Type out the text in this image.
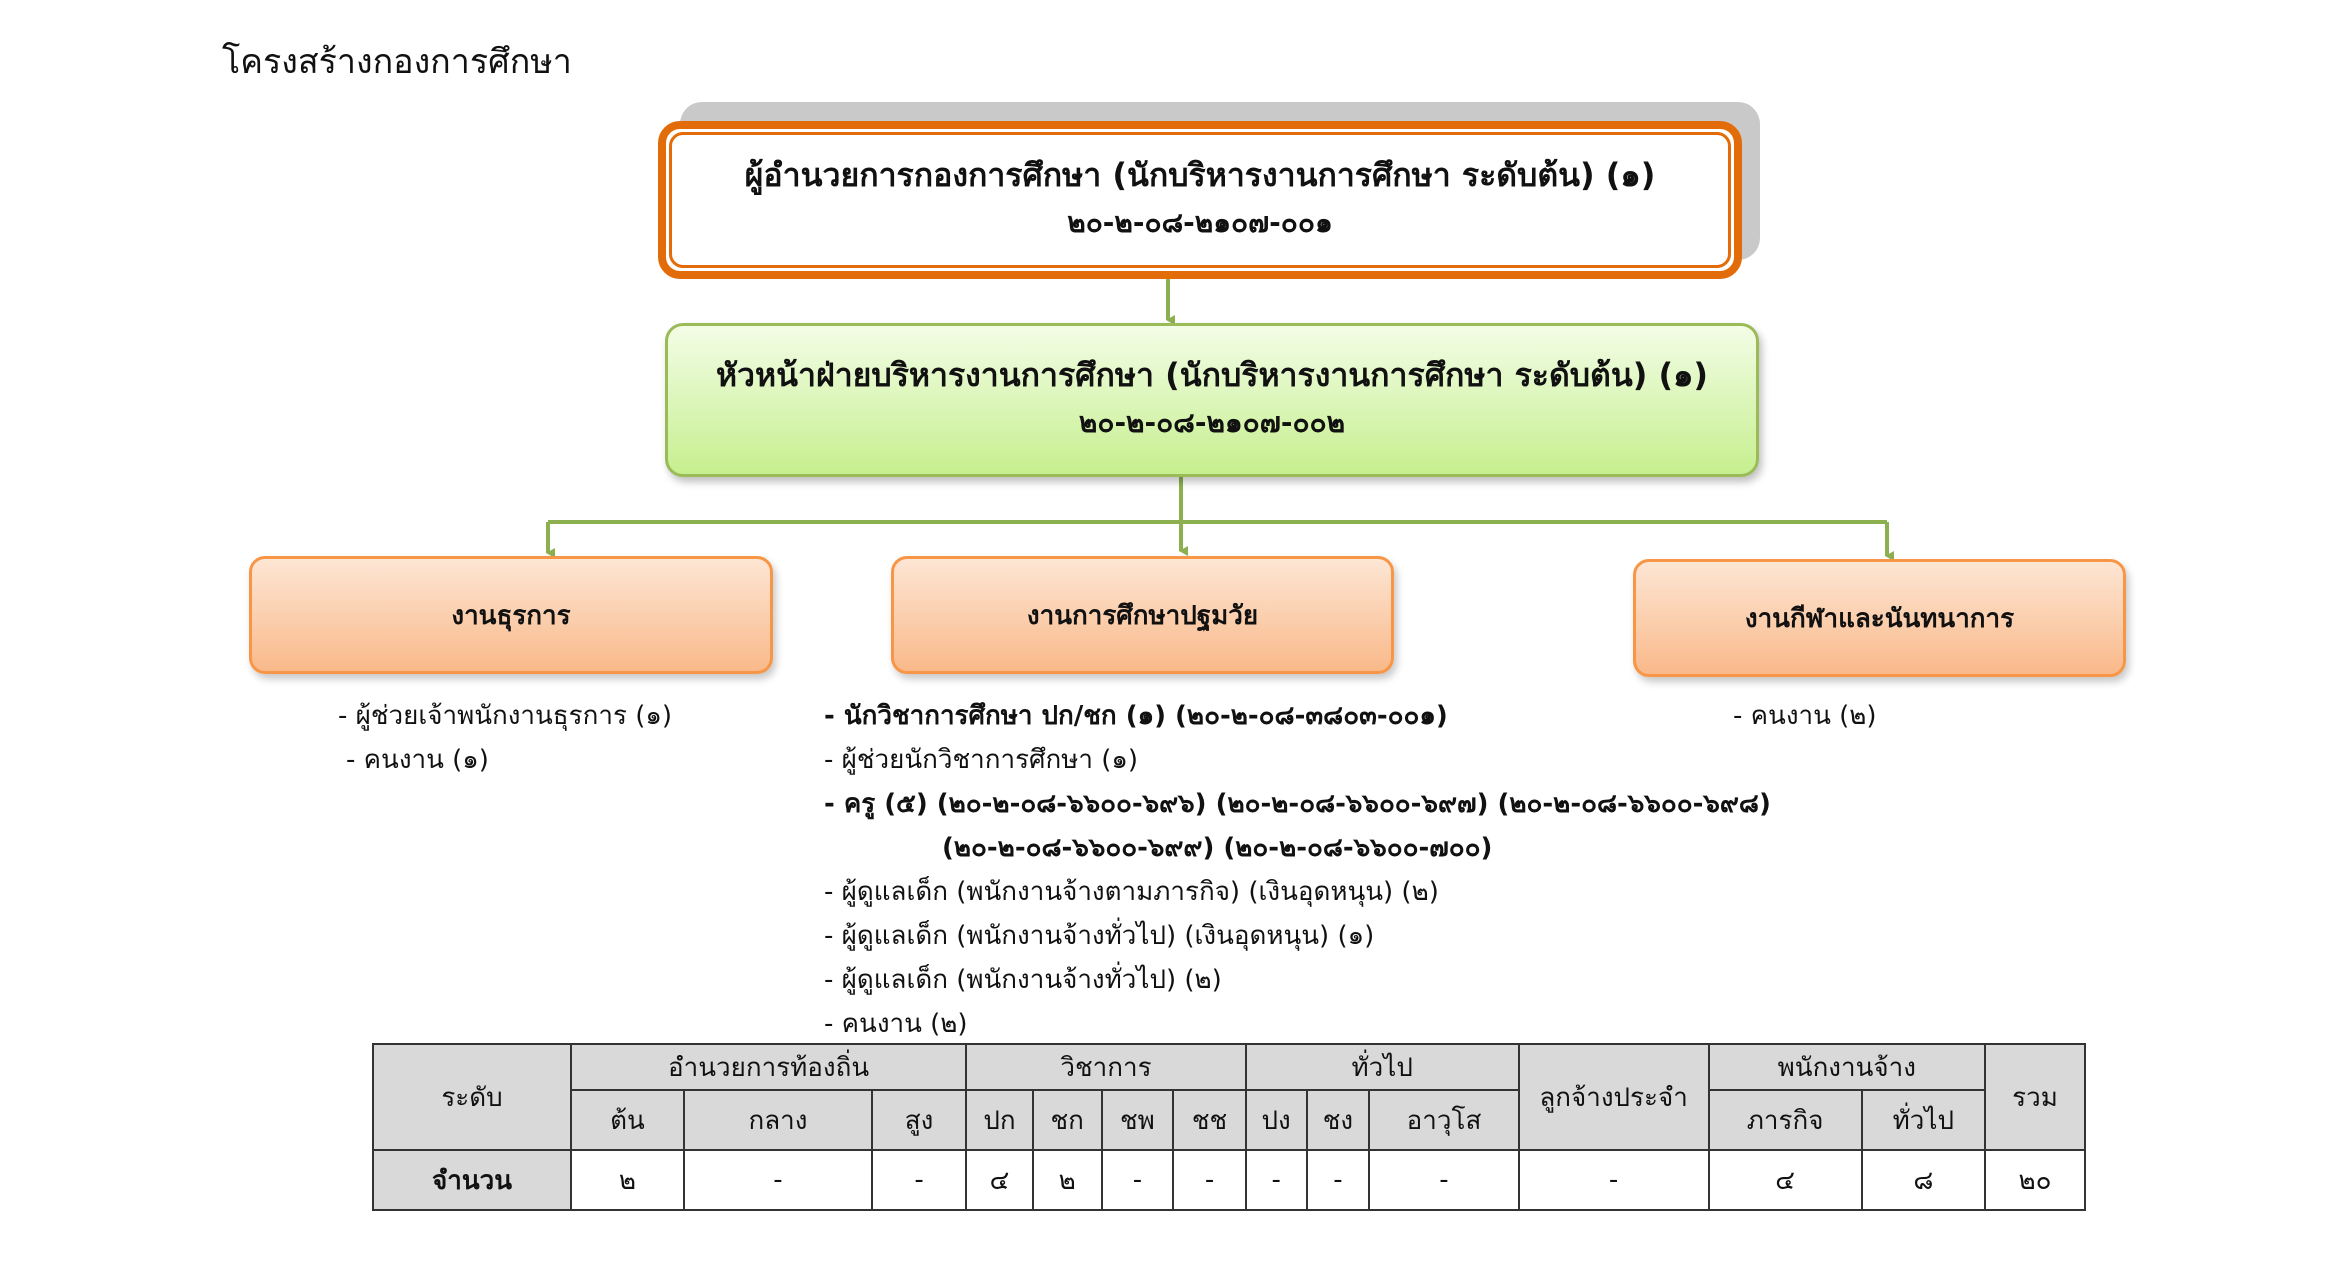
โครงสร้างกองการศึกษา
ผู้อำนวยการกองการศึกษา (นักบริหารงานการศึกษา ระดับต้น) (๑)
๒๐-๒-๐๘-๒๑๐๗-๐๐๑
หัวหน้าฝ่ายบริหารงานการศึกษา (นักบริหารงานการศึกษา ระดับต้น) (๑)
๒๐-๒-๐๘-๒๑๐๗-๐๐๒
งานธุรการ	งานการศึกษาปฐมวัย	งานกีฬาและนันทนาการ
- ผู้ช่วยเจ้าพนักงานธุรการ (๑)
- คนงาน (๑)
- นักวิชาการศึกษา ปก/ชก (๑) (๒๐-๒-๐๘-๓๘๐๓-๐๐๑)
- ผู้ช่วยนักวิชาการศึกษา (๑)
- ครู (๕) (๒๐-๒-๐๘-๖๖๐๐-๖๙๖) (๒๐-๒-๐๘-๖๖๐๐-๖๙๗) (๒๐-๒-๐๘-๖๖๐๐-๖๙๘)
(๒๐-๒-๐๘-๖๖๐๐-๖๙๙) (๒๐-๒-๐๘-๖๖๐๐-๗๐๐)
- ผู้ดูแลเด็ก (พนักงานจ้างตามภารกิจ) (เงินอุดหนุน) (๒)
- ผู้ดูแลเด็ก (พนักงานจ้างทั่วไป) (เงินอุดหนุน) (๑)
- ผู้ดูแลเด็ก (พนักงานจ้างทั่วไป) (๒)
- คนงาน (๒)
- คนงาน (๒)
ระดับ	อำนวยการท้องถิ่น			วิชาการ				ทั่วไป			ลูกจ้างประจำ	พนักงานจ้าง		รวม
	ต้น	กลาง	สูง	ปก	ชก	ชพ	ชช	ปง	ชง	อาวุโส		ภารกิจ	ทั่วไป	
จำนวน	๒	-	-	๔	๒	-	-	-	-	-	-	๔	๘	๒๐
